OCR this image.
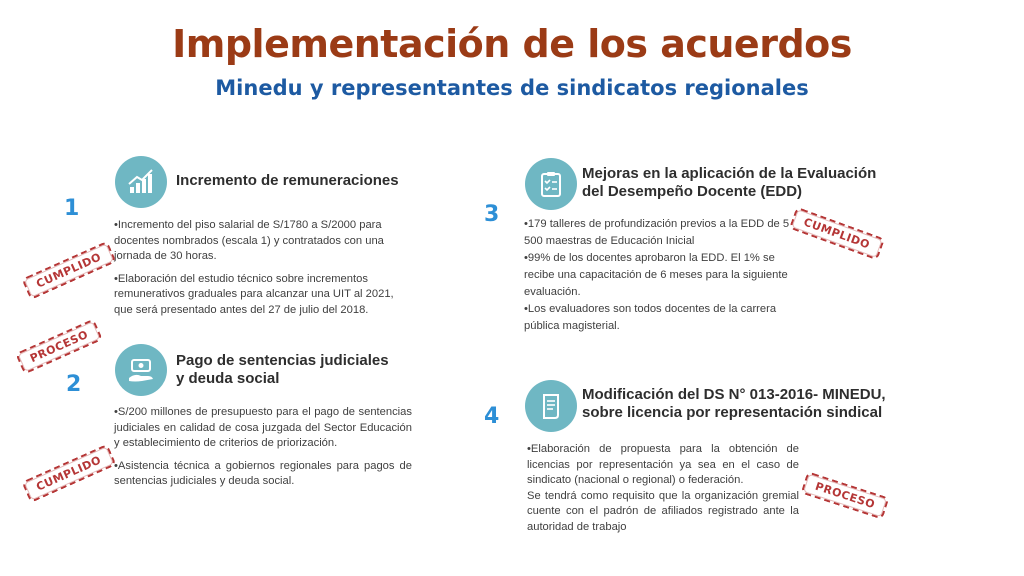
Implementación de los acuerdos
Minedu y representantes de sindicatos regionales
1
Incremento de remuneraciones

•Incremento del piso salarial de S/1780 a S/2000 para docentes nombrados (escala 1) y contratados con una jornada de 30 horas.

•Elaboración del estudio técnico sobre incrementos remunerativos graduales para alcanzar una UIT al 2021, que será presentado antes del 27 de julio del 2018.

CUMPLIDO
PROCESO
2
Pago de sentencias judiciales
y deuda social

•S/200 millones de presupuesto para el pago de sentencias judiciales en calidad de cosa juzgada del Sector Educación y establecimiento de criterios de priorización.

•Asistencia técnica a gobiernos regionales para pagos de sentencias judiciales y deuda social.

CUMPLIDO
3
Mejoras en la aplicación de la Evaluación
del Desempeño Docente (EDD)

•179 talleres de profundización previos a la EDD de 5 500 maestras de Educación Inicial

•99% de los docentes aprobaron la EDD. El 1% se recibe una capacitación de 6 meses para la siguiente evaluación.

•Los evaluadores son todos docentes de la carrera pública magisterial.

CUMPLIDO
4
Modificación del DS N° 013-2016- MINEDU,
sobre licencia por representación sindical

•Elaboración de propuesta para la obtención de licencias por representación ya sea en el caso de sindicato (nacional o regional) o federación.

Se tendrá como requisito que la organización gremial cuente con el padrón de afiliados registrado ante la autoridad de trabajo

PROCESO
